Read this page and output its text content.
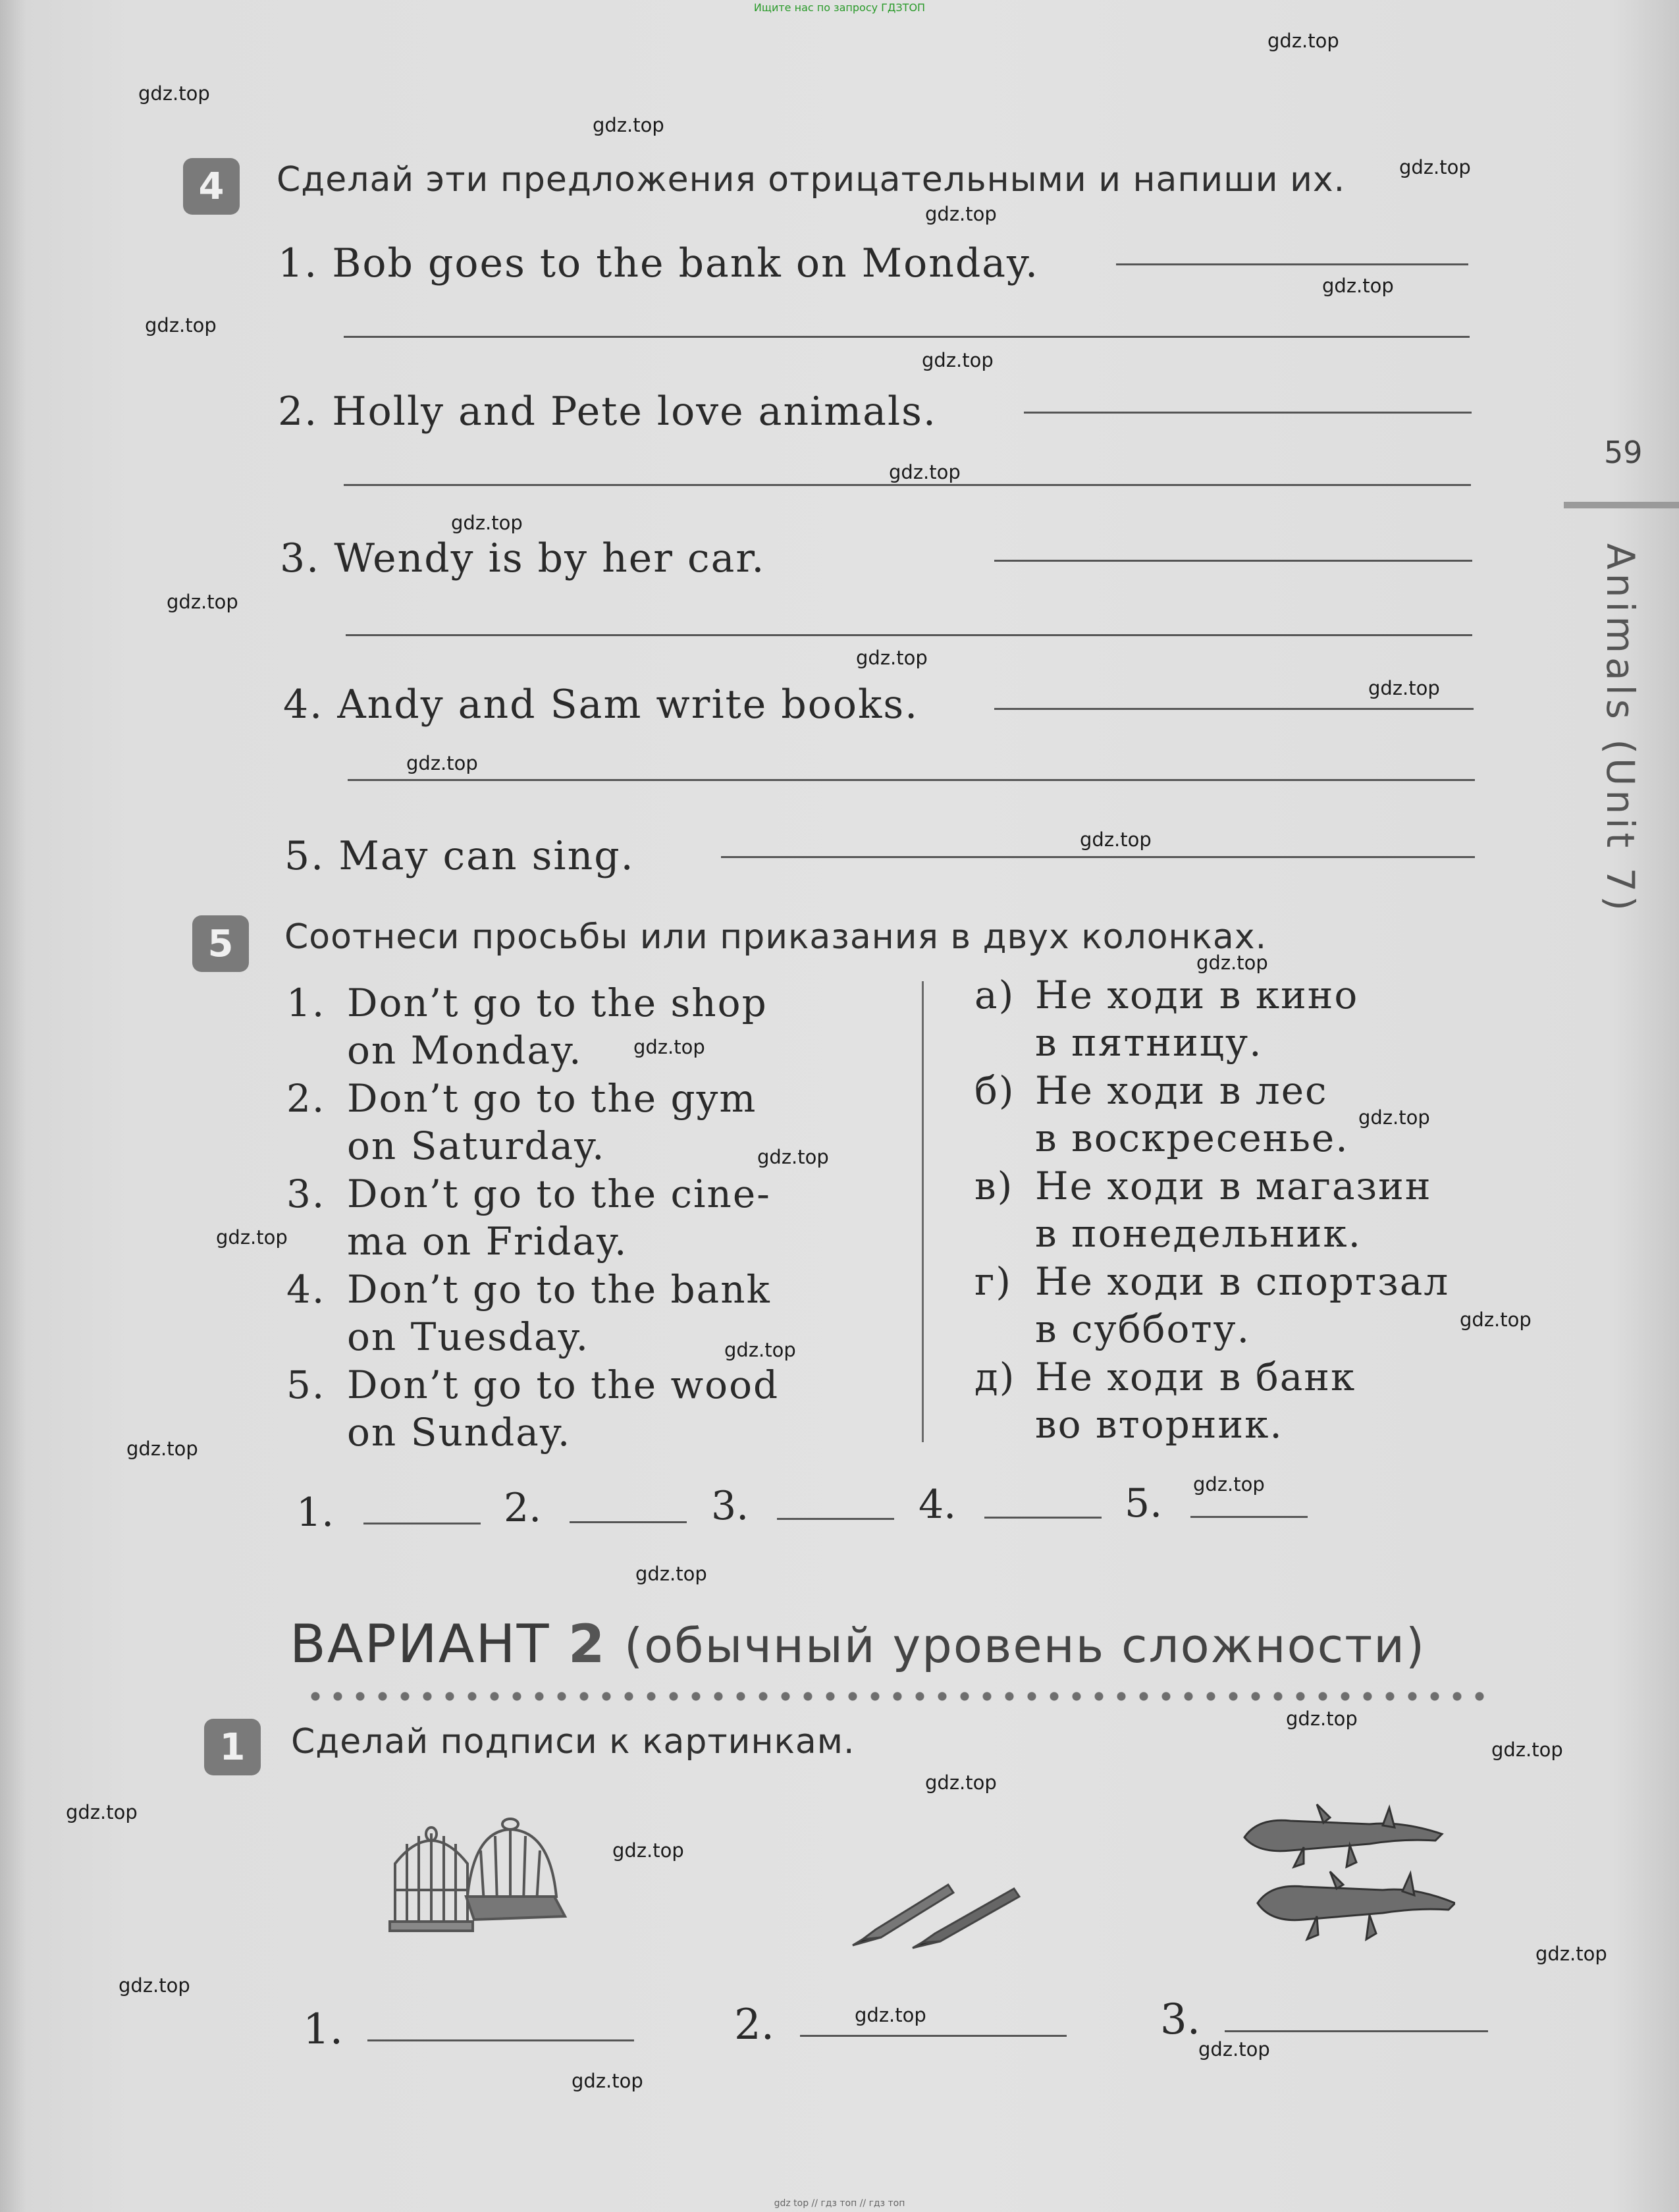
Ищите нас по запросу ГДЗТОП
59
Animals (Unit 7)
4	Сделай эти предложения отрицательными и напиши их.
1. Bob goes to the bank on Monday.
2. Holly and Pete love animals.
3. Wendy is by her car.
4. Andy and Sam write books.
5. May can sing.
5	Соотнеси просьбы или приказания в двух колонках.
1. Don’t go to the shop
on Monday.
2. Don’t go to the gym
on Saturday.
3. Don’t go to the cine-
ma on Friday.
4. Don’t go to the bank
on Tuesday.
5. Don’t go to the wood
on Sunday.
а) Не ходи в кино
в пятницу.
б) Не ходи в лес
в воскресенье.
в) Не ходи в магазин
в понедельник.
г) Не ходи в спортзал
в субботу.
д) Не ходи в банк
во вторник.
1.	2.	3.	4.	5.
ВАРИАНТ 2 (обычный уровень сложности)
1	Сделай подписи к картинкам.
1.	2.	3.
gdz.top
gdz.top
gdz.top
gdz.top
gdz.top
gdz.top
gdz.top
gdz.top
gdz.top
gdz.top
gdz.top
gdz.top
gdz.top
gdz.top
gdz.top
gdz.top
gdz.top
gdz.top
gdz.top
gdz.top
gdz.top
gdz.top
gdz.top
gdz.top
gdz.top
gdz.top
gdz.top
gdz.top
gdz.top
gdz.top
gdz.top
gdz.top
gdz.top
gdz.top
gdz.top
gdz top // гдз топ // гдз топ
